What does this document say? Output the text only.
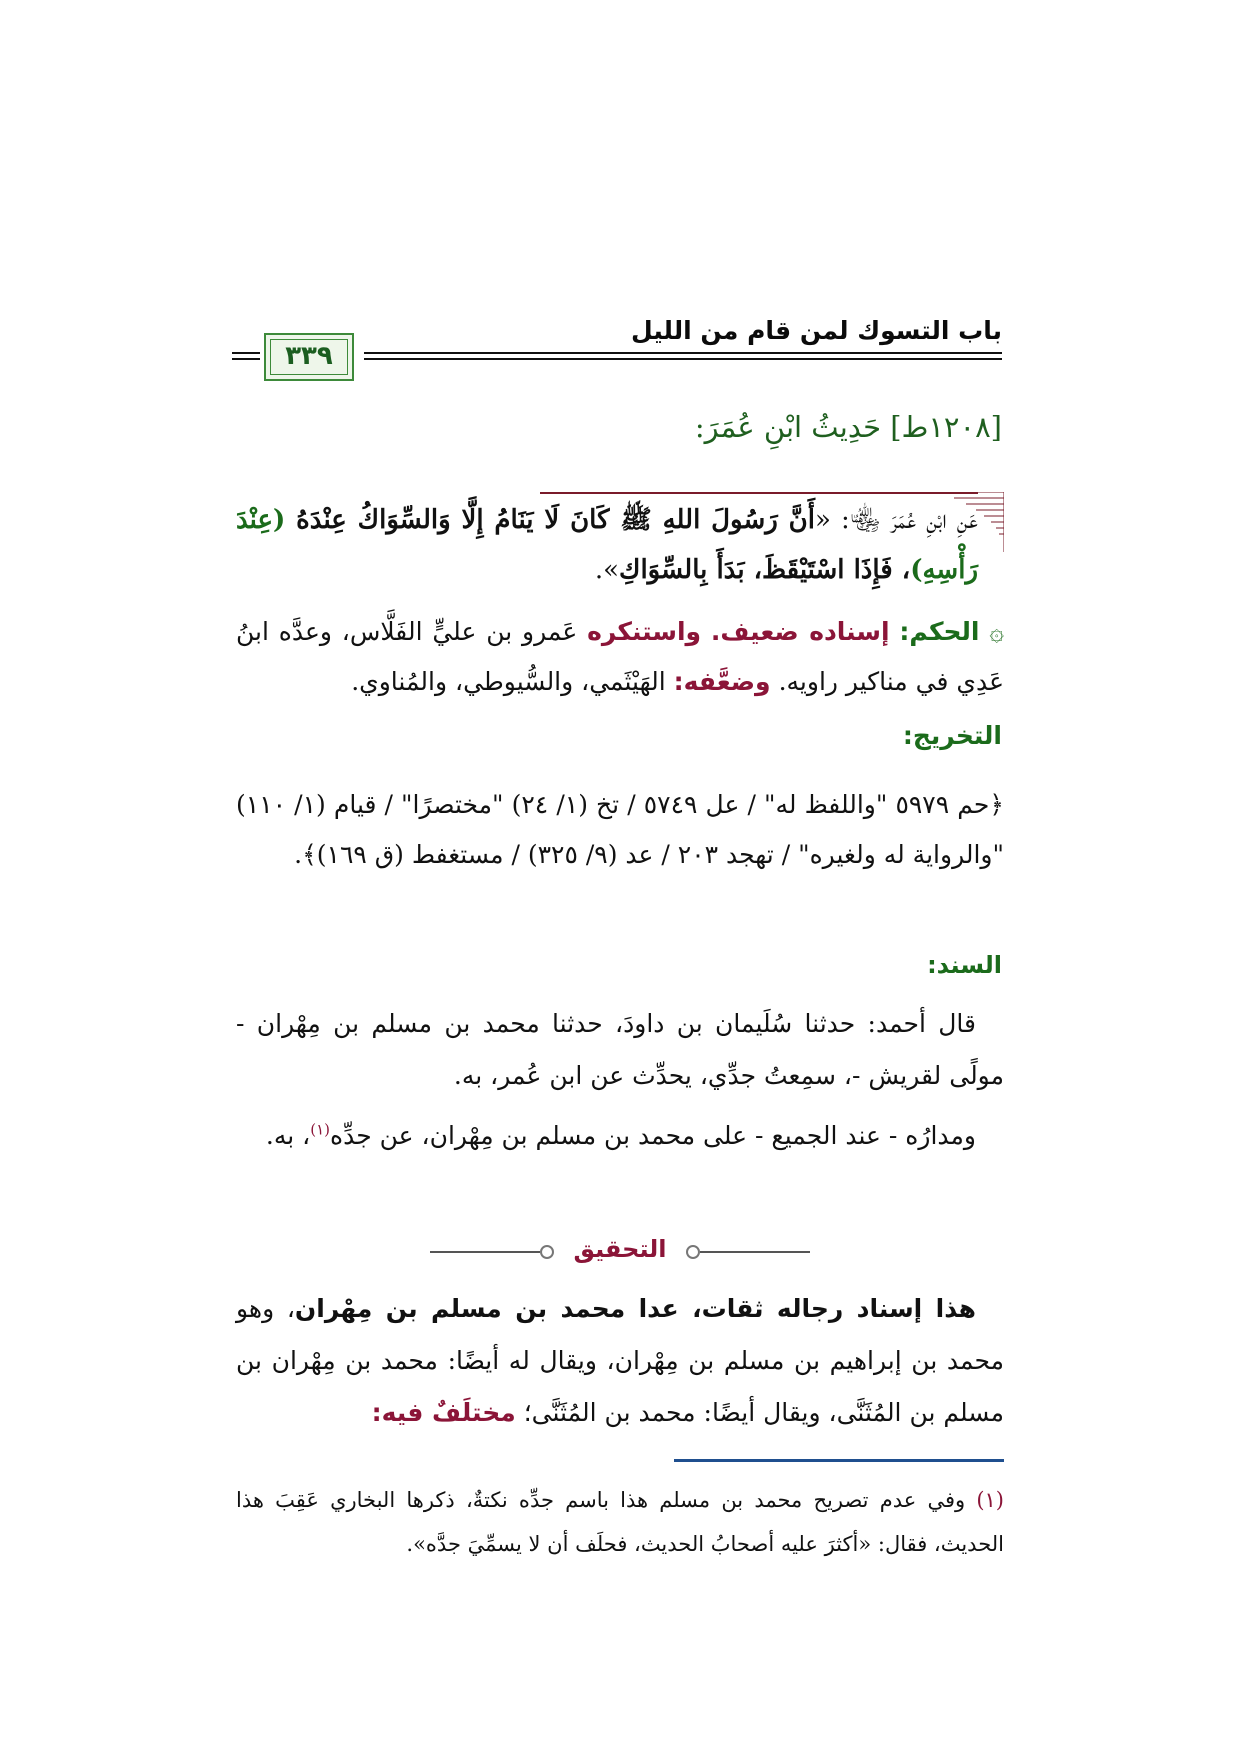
باب التسوك لمن قام من الليل
٣٣٩
[١٢٠٨ط] حَدِيثُ ابْنِ عُمَرَ:
عَنِ ابْنِ عُمَرَ ﵄: «أَنَّ رَسُولَ اللهِ ﷺ كَانَ لَا يَنَامُ إِلَّا وَالسِّوَاكُ عِنْدَهُ (عِنْدَ رَأْسِهِ)، فَإِذَا اسْتَيْقَظَ، بَدَأَ بِالسِّوَاكِ».
۞ الحكم: إسناده ضعيف. واستنكره عَمرو بن عليٍّ الفَلَّاس، وعدَّه ابنُ عَدِي في مناكير راويه. وضعَّفه: الهَيْثَمي، والسُّيوطي، والمُناوي.
التخريج:
﴿حم ٥٩٧٩ "واللفظ له" / عل ٥٧٤٩ / تخ (١/ ٢٤) "مختصرًا" / قيام (١/ ١١٠) "والرواية له ولغيره" / تهجد ٢٠٣ / عد (٩/ ٣٢٥) / مستغفط (ق ١٦٩)﴾.
السند:
قال أحمد: حدثنا سُلَيمان بن داودَ، حدثنا محمد بن مسلم بن مِهْران - مولًى لقريش -، سمِعتُ جدِّي، يحدِّث عن ابن عُمر، به.
ومدارُه - عند الجميع - على محمد بن مسلم بن مِهْران، عن جدِّه$^{(١)}$، به.
التحقيق
هذا إسناد رجاله ثقات، عدا محمد بن مسلم بن مِهْران، وهو محمد بن إبراهيم بن مسلم بن مِهْران، ويقال له أيضًا: محمد بن مِهْران بن مسلم بن المُثَنَّى، ويقال أيضًا: محمد بن المُثَنَّى؛ مختلَفٌ فيه:
(١) وفي عدم تصريح محمد بن مسلم هذا باسم جدِّه نكتةٌ، ذكرها البخاري عَقِبَ هذا الحديث، فقال: «أكثرَ عليه أصحابُ الحديث، فحلَف أن لا يسمِّيَ جدَّه».
